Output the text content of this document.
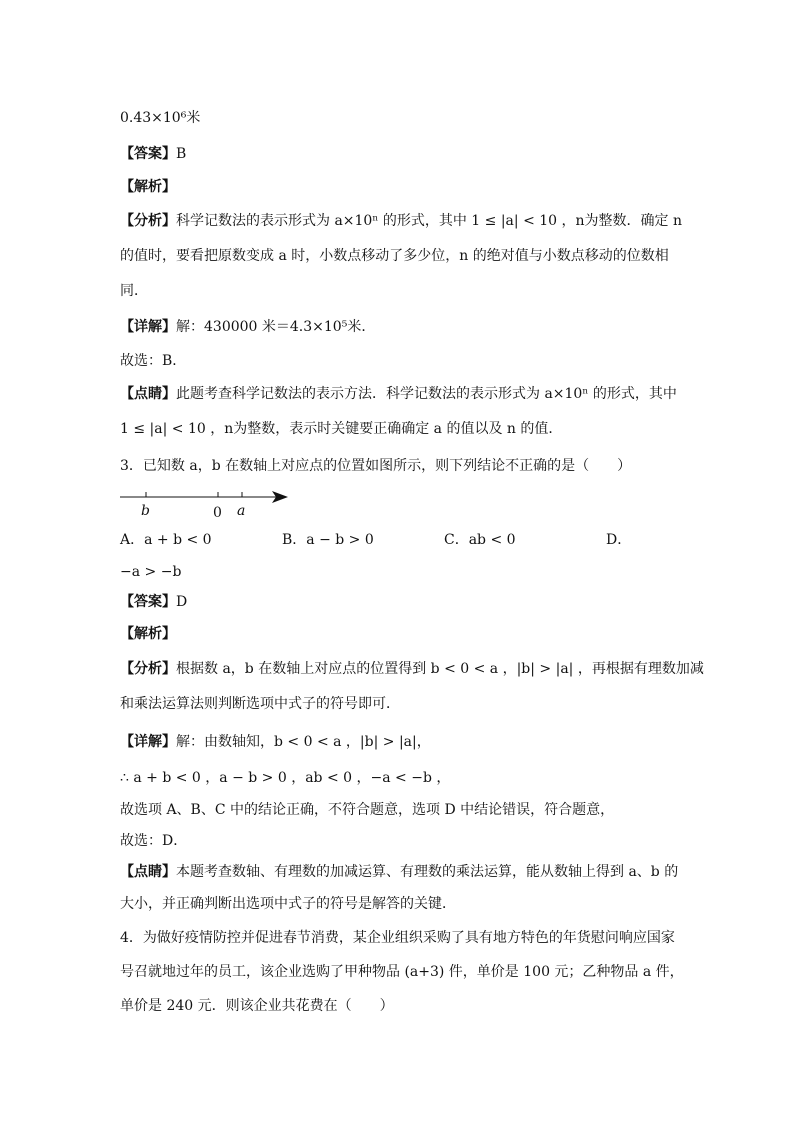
0.43×10⁶米
【答案】B
【解析】
【分析】科学记数法的表示形式为 a×10ⁿ 的形式，其中 1 ≤ |a| < 10 ，n为整数．确定 n
的值时，要看把原数变成 a 时，小数点移动了多少位，n 的绝对值与小数点移动的位数相
同．
【详解】解：430000 米＝4.3×10⁵米．
故选：B．
【点睛】此题考查科学记数法的表示方法．科学记数法的表示形式为 a×10ⁿ 的形式，其中
1 ≤ |a| < 10 ，n为整数，表示时关键要正确确定 a 的值以及 n 的值．
3．已知数 a，b 在数轴上对应点的位置如图所示，则下列结论不正确的是（　　）
b	0 a
A．a + b < 0	B．a − b > 0	C．ab < 0	D．
−a > −b
【答案】D
【解析】
【分析】根据数 a，b 在数轴上对应点的位置得到 b < 0 < a ，|b| > |a| ，再根据有理数加减
和乘法运算法则判断选项中式子的符号即可．
【详解】解：由数轴知，b < 0 < a ，|b| > |a|，
∴ a + b < 0 ，a − b > 0 ，ab < 0 ，−a < −b ，
故选项 A、B、C 中的结论正确，不符合题意，选项 D 中结论错误，符合题意，
故选：D．
【点睛】本题考查数轴、有理数的加减运算、有理数的乘法运算，能从数轴上得到 a、b 的
大小，并正确判断出选项中式子的符号是解答的关键．
4．为做好疫情防控并促进春节消费，某企业组织采购了具有地方特色的年货慰问响应国家
号召就地过年的员工，该企业选购了甲种物品 (a+3) 件，单价是 100 元；乙种物品 a 件，
单价是 240 元．则该企业共花费在（　　）
